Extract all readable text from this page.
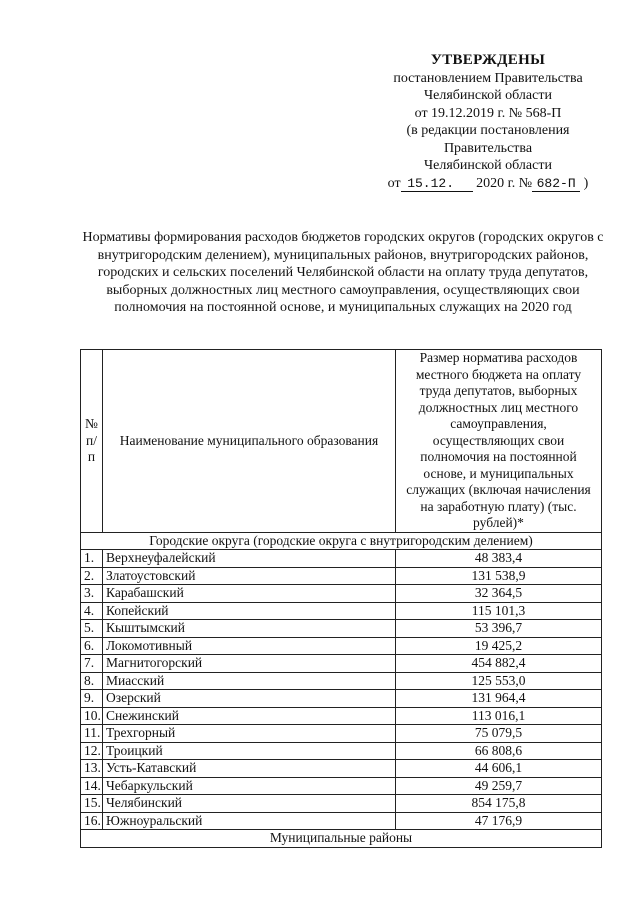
УТВЕРЖДЕНЫ
постановлением Правительства
Челябинской области
от 19.12.2019 г. № 568-П
(в редакции постановления
Правительства
Челябинской области
от 15.12. 2020 г. № 682-П )
Нормативы формирования расходов бюджетов городских округов (городских округов с внутригородским делением), муниципальных районов, внутригородских районов, городских и сельских поселений Челябинской области на оплату труда депутатов, выборных должностных лиц местного самоуправления, осуществляющих свои полномочия на постоянной основе, и муниципальных служащих на 2020 год
№ п/п	Наименование муниципального образования	Размер норматива расходов местного бюджета на оплату труда депутатов, выборных должностных лиц местного самоуправления, осуществляющих свои полномочия на постоянной основе, и муниципальных служащих (включая начисления на заработную плату) (тыс. рублей)*
Городские округа (городские округа с внутригородским делением)		
1.	Верхнеуфалейский	48 383,4
2.	Златоустовский	131 538,9
3.	Карабашский	32 364,5
4.	Копейский	115 101,3
5.	Кыштымский	53 396,7
6.	Локомотивный	19 425,2
7.	Магнитогорский	454 882,4
8.	Миасский	125 553,0
9.	Озерский	131 964,4
10.	Снежинский	113 016,1
11.	Трехгорный	75 079,5
12.	Троицкий	66 808,6
13.	Усть-Катавский	44 606,1
14.	Чебаркульский	49 259,7
15.	Челябинский	854 175,8
16.	Южноуральский	47 176,9
Муниципальные районы		
